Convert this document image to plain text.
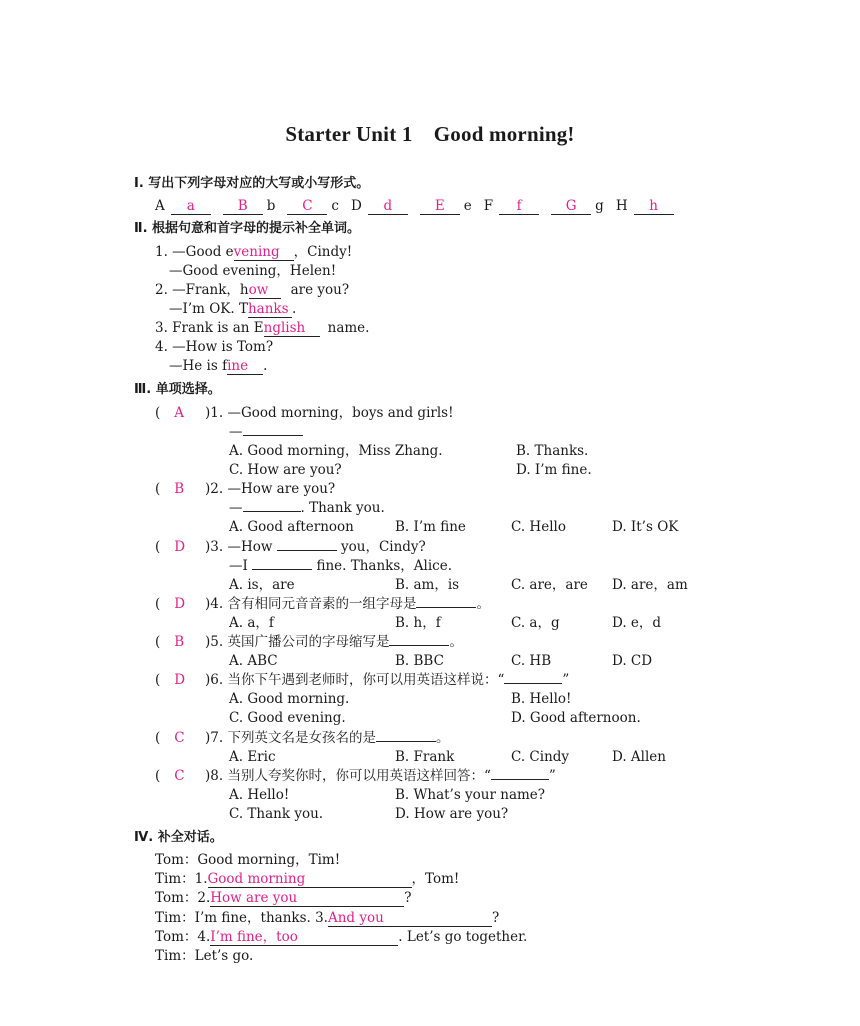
Starter Unit 1　Good morning!
Ⅰ. 写出下列字母对应的大写或小写形式。
A a	B b C c D d	E e F f	G g H h
Ⅱ. 根据句意和首字母的提示补全单词。
1. —Good evening ，Cindy!
—Good evening，Helen!
2. —Frank，how are you?
—I’m OK. Thanks .
3. Frank is an English name.
4. —How is Tom?
—He is fine .
Ⅲ. 单项选择。
( A )1. —Good morning，boys and girls!
—
A. Good morning，Miss Zhang.	B. Thanks.
C. How are you?	D. I’m fine.
( B )2. —How are you?
—	. Thank you.
A. Good afternoon	B. I’m fine	C. Hello	D. It’s OK
( D )3. —How	you，Cindy?
—I	fine. Thanks，Alice.
A. is，are	B. am，is	C. are，are D. are，am
( D )4. 含有相同元音音素的一组字母是	。
A. a，f	B. h，f	C. a，g	D. e，d
( B )5. 英国广播公司的字母缩写是	。
A. ABC	B. BBC	C. HB	D. CD
( D )6. 当你下午遇到老师时，你可以用英语这样说：“	”
A. Good morning.	B. Hello!
C. Good evening.	D. Good afternoon.
( C )7. 下列英文名是女孩名的是	。
A. Eric	B. Frank	C. Cindy	D. Allen
( C )8. 当别人夸奖你时，你可以用英语这样回答：“	”
A. Hello!	B. What’s your name?
C. Thank you.	D. How are you?
Ⅳ. 补全对话。
Tom：Good morning，Tim!
Tim：1.Good morning	，Tom!
Tom：2.How are you	?
Tim：I’m fine，thanks. 3.And you	?
Tom：4.I’m fine，too	. Let’s go together.
Tim：Let’s go.
